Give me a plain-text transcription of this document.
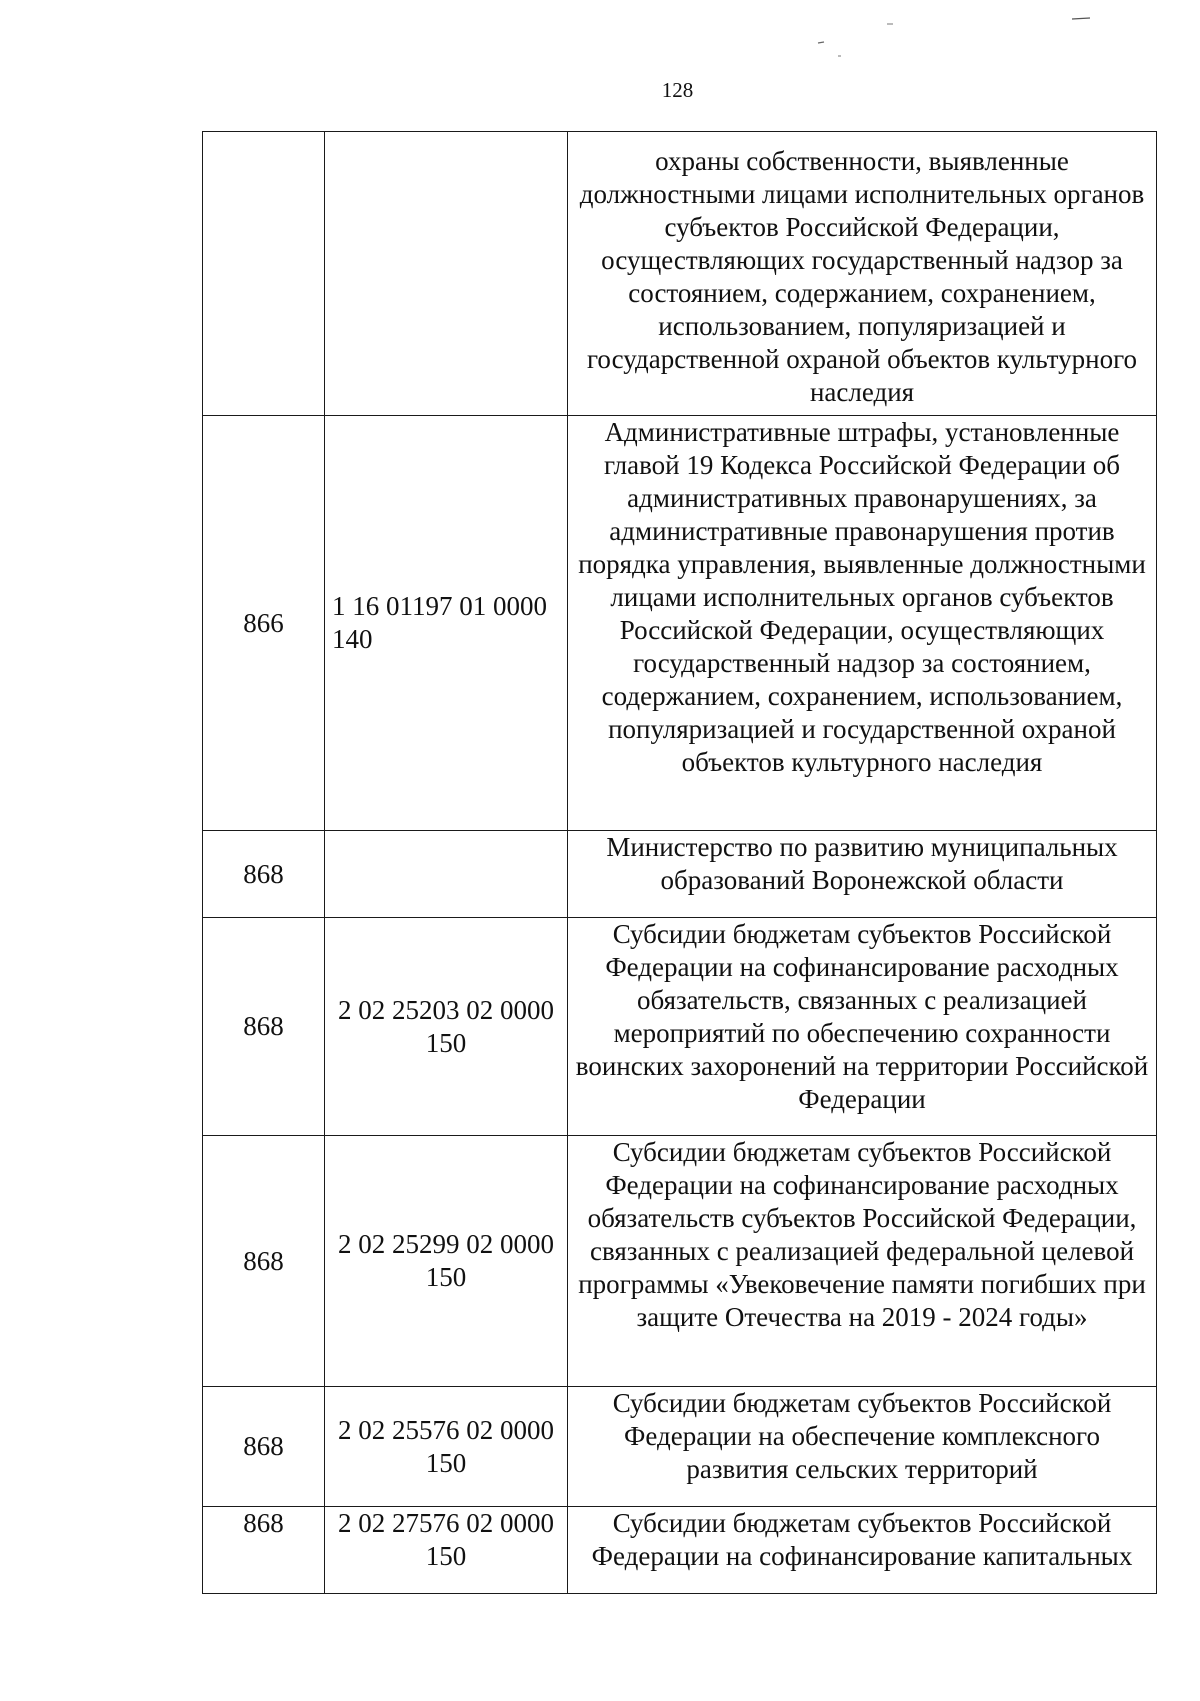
128
		охраны собственности, выявленные должностными лицами исполнительных органов субъектов Российской Федерации, осуществляющих государственный надзор за состоянием, содержанием, сохранением, использованием, популяризацией и государственной охраной объектов культурного наследия
866	1 16 01197 01 0000 140	Административные штрафы, установленные главой 19 Кодекса Российской Федерации об административных правонарушениях, за административные правонарушения против порядка управления, выявленные должностными лицами исполнительных органов субъектов Российской Федерации, осуществляющих государственный надзор за состоянием, содержанием, сохранением, использованием, популяризацией и государственной охраной объектов культурного наследия
868		Министерство по развитию муниципальных образований Воронежской области
868	2 02 25203 02 0000 150	Субсидии бюджетам субъектов Российской Федерации на софинансирование расходных обязательств, связанных с реализацией мероприятий по обеспечению сохранности воинских захоронений на территории Российской Федерации
868	2 02 25299 02 0000 150	Субсидии бюджетам субъектов Российской Федерации на софинансирование расходных обязательств субъектов Российской Федерации, связанных с реализацией федеральной целевой программы «Увековечение памяти погибших при защите Отечества на 2019 - 2024 годы»
868	2 02 25576 02 0000 150	Субсидии бюджетам субъектов Российской Федерации на обеспечение комплексного развития сельских территорий
868	2 02 27576 02 0000 150	Субсидии бюджетам субъектов Российской Федерации на софинансирование капитальных
